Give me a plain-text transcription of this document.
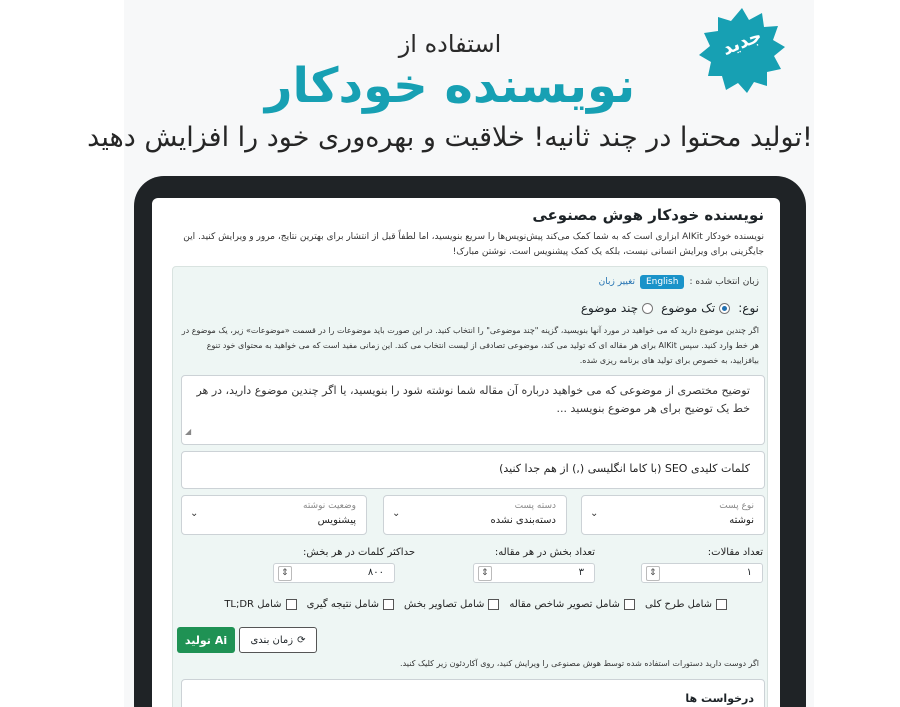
استفاده از
نویسنده خودکار
تولید محتوا در چند ثانیه! خلاقیت و بهره‌وری خود را افزایش دهید!
جدید
نویسنده خودکار هوش مصنوعی
نویسنده خودکار AIKit ابزاری است که به شما کمک می‌کند پیش‌نویس‌ها را سریع بنویسید، اما لطفاً قبل از انتشار برای بهترین نتایج، مرور و ویرایش کنید. این جایگزینی برای ویرایش انسانی نیست، بلکه یک کمک پیشنویس است. نوشتن مبارک!
زبان انتخاب شده :
English
تغییر زبان
نوع:
تک موضوع
چند موضوع
اگر چندین موضوع دارید که می خواهید در مورد آنها بنویسید، گزینه "چند موضوعی" را انتخاب کنید. در این صورت باید موضوعات را در قسمت «موضوعات» زیر، یک موضوع در هر خط وارد کنید. سپس AIKit برای هر مقاله ای که تولید می کند، موضوعی تصادفی از لیست انتخاب می کند. این زمانی مفید است که می خواهید به محتوای خود تنوع بیافزایید، به خصوص برای تولید های برنامه ریزی شده.
توضیح مختصری از موضوعی که می خواهید درباره آن مقاله شما نوشته شود را بنویسید، یا اگر چندین موضوع دارید، در هر خط یک توضیح برای هر موضوع بنویسید ...
◢
کلمات کلیدی SEO (با کاما انگلیسی (,) از هم جدا کنید)
نوع پست
نوشته
⌄
دسته پست
دسته‌بندی نشده
⌄
وضعیت نوشته
پیشنویس
⌄
تعداد مقالات:
۱
⇕
تعداد بخش در هر مقاله:
۳
⇕
حداکثر کلمات در هر بخش:
۸۰۰
⇕
شامل طرح کلی
شامل تصویر شاخص مقاله
شامل تصاویر بخش
شامل نتیجه گیری
شامل TL;DR
⟳
زمان بندی
Ai
تولید
اگر دوست دارید دستورات استفاده شده توسط هوش مصنوعی را ویرایش کنید، روی آکاردئون زیر کلیک کنید.
درخواست ها
